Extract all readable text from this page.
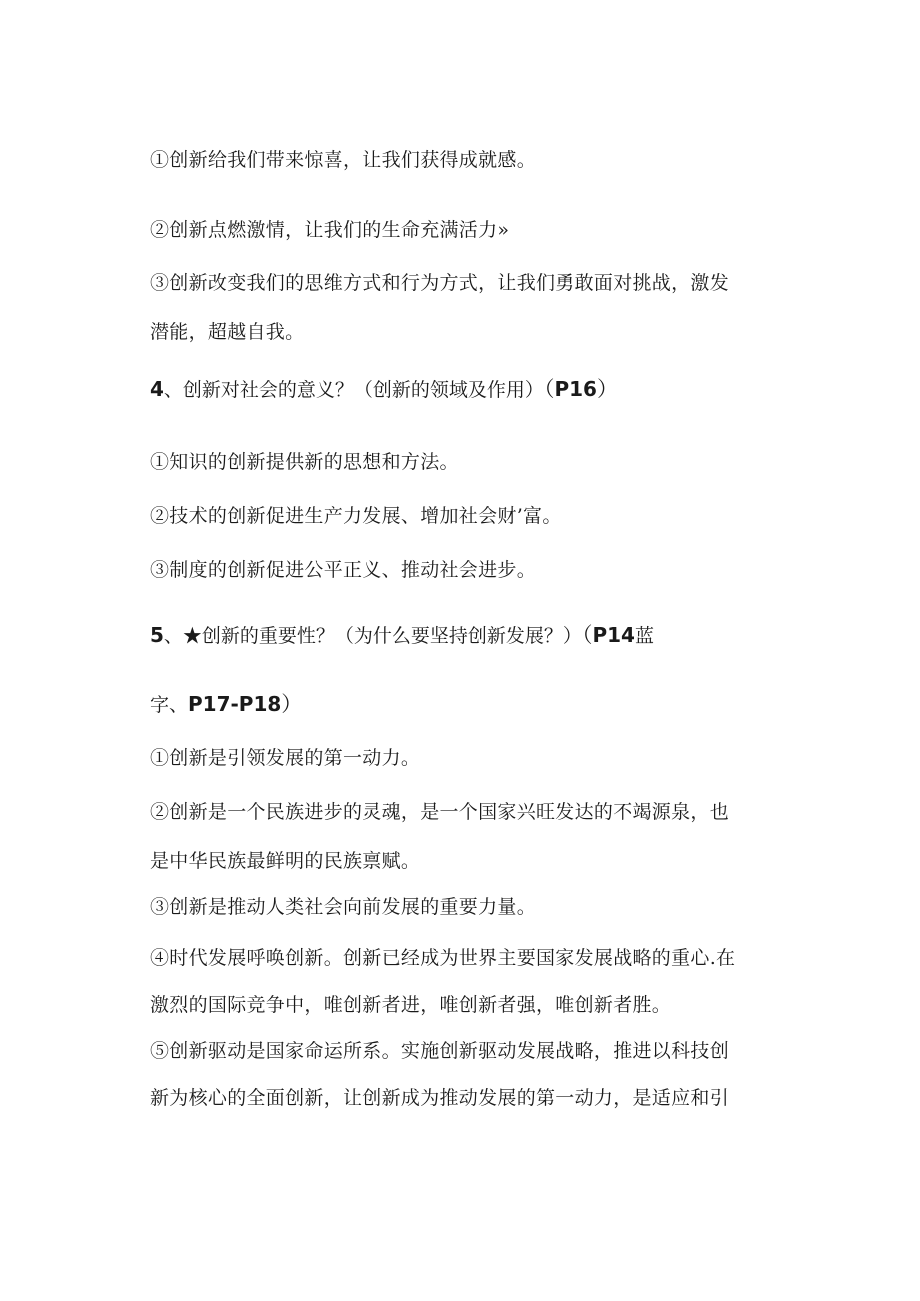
①创新给我们带来惊喜，让我们获得成就感。
②创新点燃激情，让我们的生命充满活力»
③创新改变我们的思维方式和行为方式，让我们勇敢面对挑战，激发
潜能，超越自我。
4、创新对社会的意义？（创新的领域及作用）（P16）
①知识的创新提供新的思想和方法。
②技术的创新促进生产力发展、增加社会财’富。
③制度的创新促进公平正义、推动社会进步。
5、★创新的重要性？（为什么要坚持创新发展？）（P14蓝
字、P17-P18）
①创新是引领发展的第一动力。
②创新是一个民族进步的灵魂，是一个国家兴旺发达的不竭源泉，也
是中华民族最鲜明的民族禀赋。
③创新是推动人类社会向前发展的重要力量。
④时代发展呼唤创新。创新已经成为世界主要国家发展战略的重心.在
激烈的国际竞争中，唯创新者进，唯创新者强，唯创新者胜。
⑤创新驱动是国家命运所系。实施创新驱动发展战略，推进以科技创
新为核心的全面创新，让创新成为推动发展的第一动力，是适应和引
